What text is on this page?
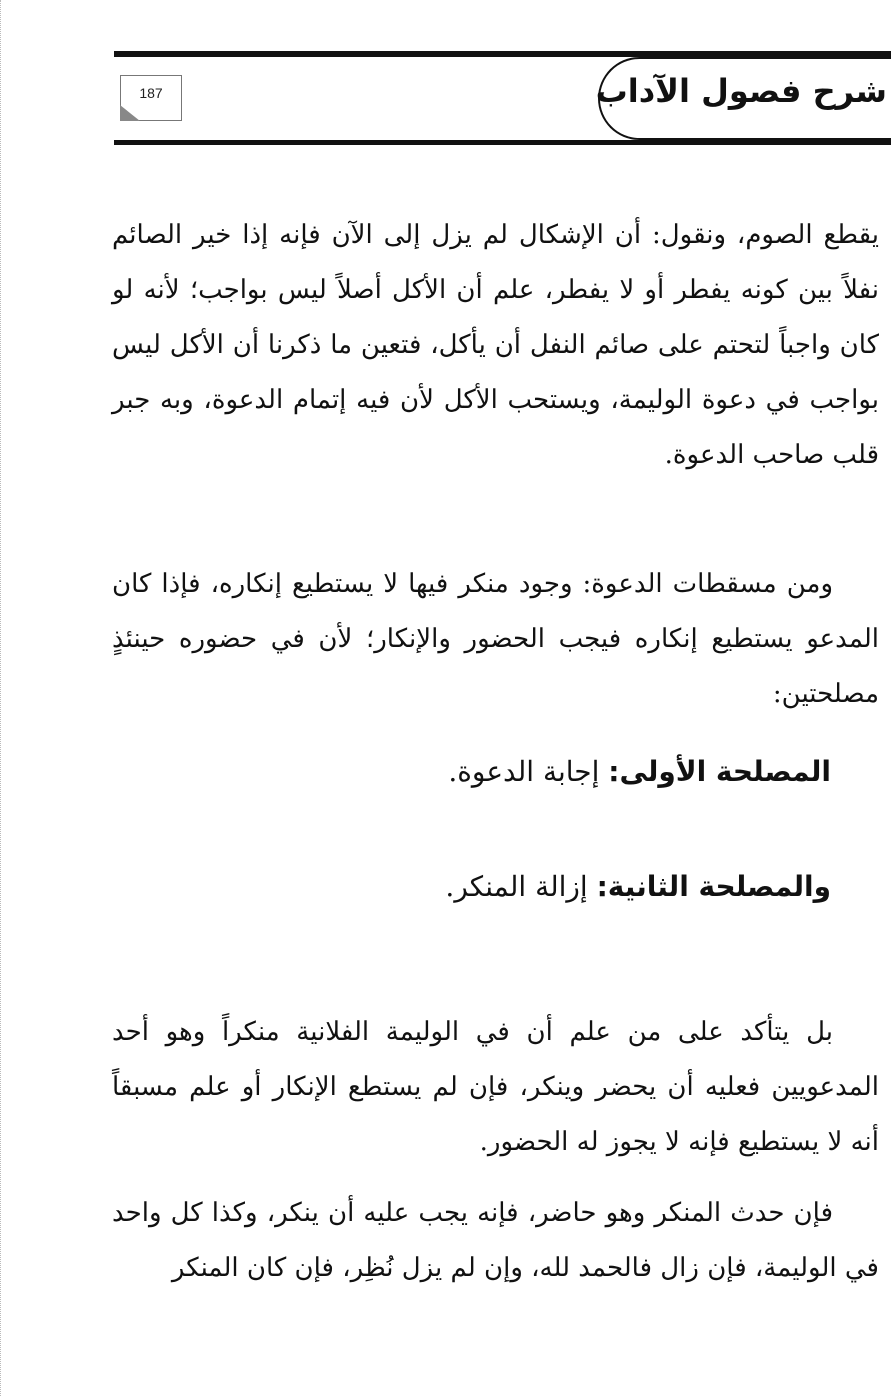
شرح فصول الآداب
187

يقطع الصوم، ونقول: أن الإشكال لم يزل إلى الآن فإنه إذا خير الصائم نفلاً بين كونه يفطر أو لا يفطر، علم أن الأكل أصلاً ليس بواجب؛ لأنه لو كان واجباً لتحتم على صائم النفل أن يأكل، فتعين ما ذكرنا أن الأكل ليس بواجب في دعوة الوليمة، ويستحب الأكل لأن فيه إتمام الدعوة، وبه جبر قلب صاحب الدعوة.

ومن مسقطات الدعوة: وجود منكر فيها لا يستطيع إنكاره، فإذا كان المدعو يستطيع إنكاره فيجب الحضور والإنكار؛ لأن في حضوره حينئذٍ مصلحتين:

المصلحة الأولى: إجابة الدعوة.
والمصلحة الثانية: إزالة المنكر.

بل يتأكد على من علم أن في الوليمة الفلانية منكراً وهو أحد المدعويين فعليه أن يحضر وينكر، فإن لم يستطع الإنكار أو علم مسبقاً أنه لا يستطيع فإنه لا يجوز له الحضور.

فإن حدث المنكر وهو حاضر، فإنه يجب عليه أن ينكر، وكذا كل واحد في الوليمة، فإن زال فالحمد لله، وإن لم يزل نُظِر، فإن كان المنكر
